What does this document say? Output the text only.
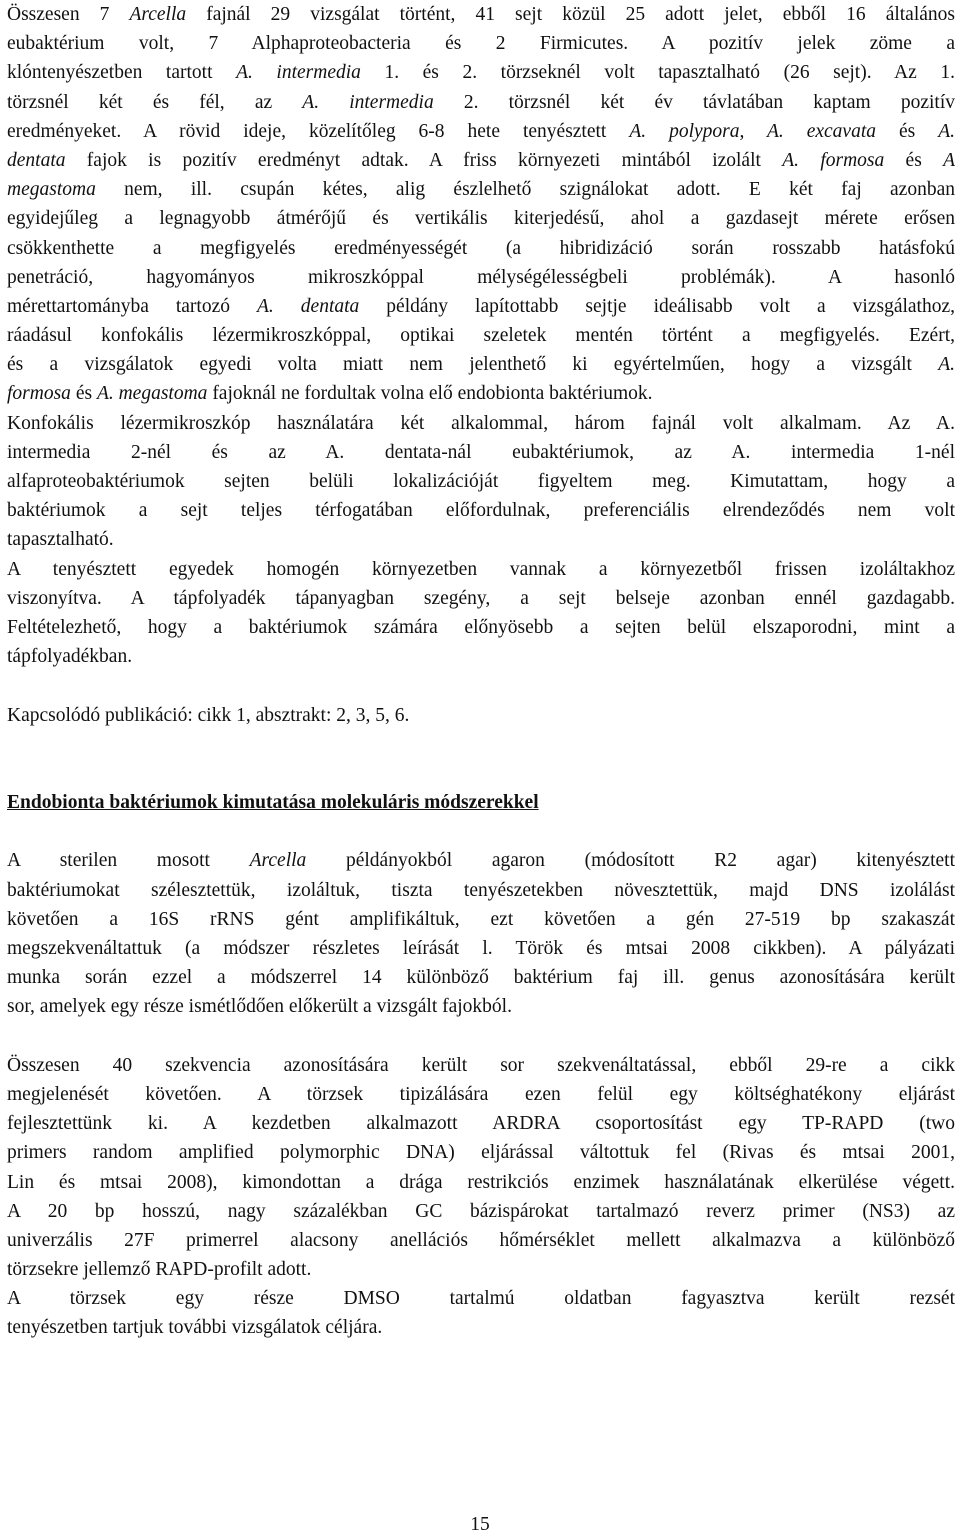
Összesen 7 Arcella fajnál 29 vizsgálat történt, 41 sejt közül 25 adott jelet, ebből 16 általános
eubaktérium volt, 7 Alphaproteobacteria és 2 Firmicutes. A pozitív jelek zöme a
klóntenyészetben tartott A. intermedia 1. és 2. törzseknél volt tapasztalható (26 sejt). Az 1.
törzsnél két és fél, az A. intermedia 2. törzsnél két év távlatában kaptam pozitív
eredményeket. A rövid ideje, közelítőleg 6-8 hete tenyésztett A. polypora, A. excavata és A.
dentata fajok is pozitív eredményt adtak. A friss környezeti mintából izolált A. formosa és A
megastoma nem, ill. csupán kétes, alig észlelhető szignálokat adott. E két faj azonban
egyidejűleg a legnagyobb átmérőjű és vertikális kiterjedésű, ahol a gazdasejt mérete erősen
csökkenthette a megfigyelés eredményességét (a hibridizáció során rosszabb hatásfokú
penetráció, hagyományos mikroszkóppal mélységélességbeli problémák). A hasonló
mérettartományba tartozó A. dentata példány lapítottabb sejtje ideálisabb volt a vizsgálathoz,
ráadásul konfokális lézermikroszkóppal, optikai szeletek mentén történt a megfigyelés. Ezért,
és a vizsgálatok egyedi volta miatt nem jelenthető ki egyértelműen, hogy a vizsgált A.
formosa és A. megastoma fajoknál ne fordultak volna elő endobionta baktériumok.
Konfokális lézermikroszkóp használatára két alkalommal, három fajnál volt alkalmam. Az A.
intermedia 2-nél és az A. dentata-nál eubaktériumok, az A. intermedia 1-nél
alfaproteobaktériumok sejten belüli lokalizációját figyeltem meg. Kimutattam, hogy a
baktériumok a sejt teljes térfogatában előfordulnak, preferenciális elrendeződés nem volt
tapasztalható.
A tenyésztett egyedek homogén környezetben vannak a környezetből frissen izoláltakhoz
viszonyítva. A tápfolyadék tápanyagban szegény, a sejt belseje azonban ennél gazdagabb.
Feltételezhető, hogy a baktériumok számára előnyösebb a sejten belül elszaporodni, mint a
tápfolyadékban.
Kapcsolódó publikáció: cikk 1, absztrakt: 2, 3, 5, 6.
Endobionta baktériumok kimutatása molekuláris módszerekkel
A sterilen mosott Arcella példányokból agaron (módosított R2 agar) kitenyésztett
baktériumokat szélesztettük, izoláltuk, tiszta tenyészetekben növesztettük, majd DNS izolálást
követően a 16S rRNS gént amplifikáltuk, ezt követően a gén 27-519 bp szakaszát
megszekvenáltattuk (a módszer részletes leírását l. Török és mtsai 2008 cikkben). A pályázati
munka során ezzel a módszerrel 14 különböző baktérium faj ill. genus azonosítására került
sor, amelyek egy része ismétlődően előkerült a vizsgált fajokból.
Összesen 40 szekvencia azonosítására került sor szekvenáltatással, ebből 29-re a cikk
megjelenését követően. A törzsek tipizálására ezen felül egy költséghatékony eljárást
fejlesztettünk ki. A kezdetben alkalmazott ARDRA csoportosítást egy TP-RAPD (two
primers random amplified polymorphic DNA) eljárással váltottuk fel (Rivas és mtsai 2001,
Lin és mtsai 2008), kimondottan a drága restrikciós enzimek használatának elkerülése végett.
A 20 bp hosszú, nagy százalékban GC bázispárokat tartalmazó reverz primer (NS3) az
univerzális 27F primerrel alacsony anellációs hőmérséklet mellett alkalmazva a különböző
törzsekre jellemző RAPD-profilt adott.
A törzsek egy része DMSO tartalmú oldatban fagyasztva került rezsét
tenyészetben tartjuk további vizsgálatok céljára.
15
